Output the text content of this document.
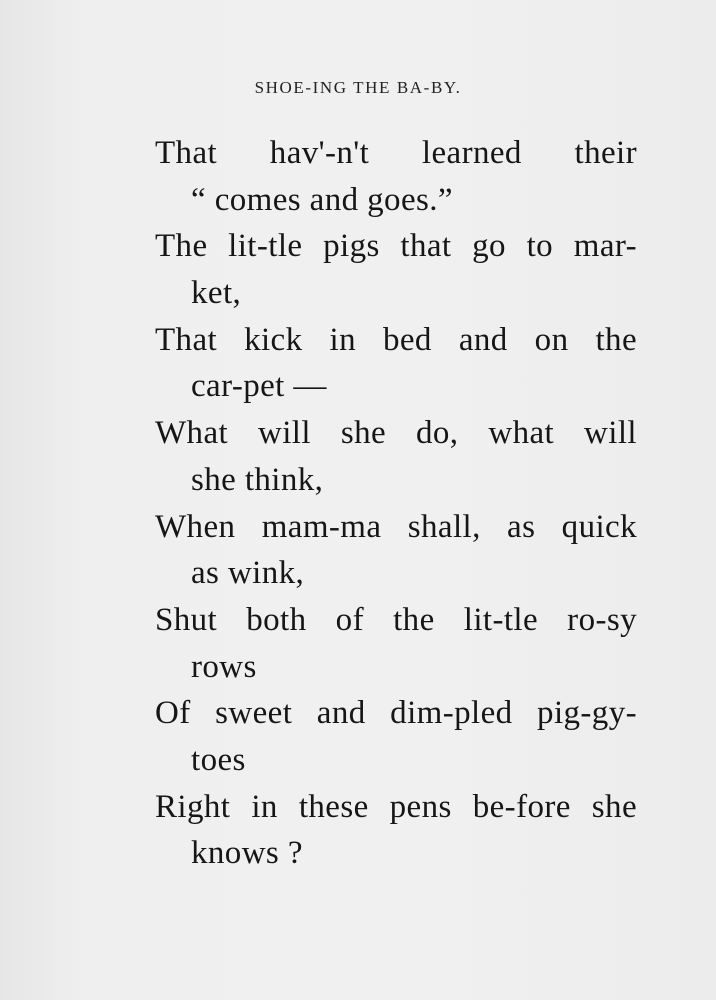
SHOE-ING THE BA-BY.
That hav'-n't learned their
“ comes and goes.”
The lit-tle pigs that go to mar-
ket,
That kick in bed and on the
car-pet —
What will she do, what will
she think,
When mam-ma shall, as quick
as wink,
Shut both of the lit-tle ro-sy
rows
Of sweet and dim-pled pig-gy-
toes
Right in these pens be-fore she
knows ?
